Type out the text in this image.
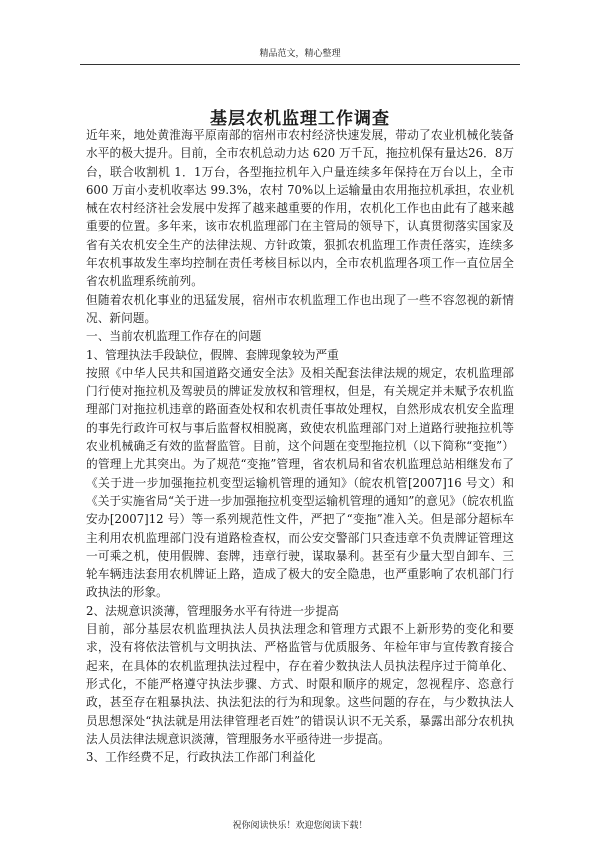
精品范文，精心整理
基层农机监理工作调查

近年来，地处黄淮海平原南部的宿州市农村经济快速发展，带动了农业机械化装备水平的极大提升。目前，全市农机总动力达 620 万千瓦，拖拉机保有量达26．8万台，联合收割机 1．1万台，各型拖拉机年入户量连续多年保持在万台以上，全市 600 万亩小麦机收率达 99.3%，农村 70%以上运输量由农用拖拉机承担，农业机械在农村经济社会发展中发挥了越来越重要的作用，农机化工作也由此有了越来越重要的位置。多年来，该市农机监理部门在主管局的领导下，认真贯彻落实国家及省有关农机安全生产的法律法规、方针政策，狠抓农机监理工作责任落实，连续多年农机事故发生率均控制在责任考核目标以内，全市农机监理各项工作一直位居全省农机监理系统前列。

但随着农机化事业的迅猛发展，宿州市农机监理工作也出现了一些不容忽视的新情况、新问题。

一、当前农机监理工作存在的问题

1、管理执法手段缺位，假牌、套牌现象较为严重

按照《中华人民共和国道路交通安全法》及相关配套法律法规的规定，农机监理部门行使对拖拉机及驾驶员的牌证发放权和管理权，但是，有关规定并未赋予农机监理部门对拖拉机违章的路面查处权和农机责任事故处理权，自然形成农机安全监理的事先行政许可权与事后监督权相脱离，致使农机监理部门对上道路行驶拖拉机等农业机械确乏有效的监督监管。目前，这个问题在变型拖拉机（以下简称“变拖”）的管理上尤其突出。为了规范“变拖”管理，省农机局和省农机监理总站相继发布了《关于进一步加强拖拉机变型运输机管理的通知》（皖农机管[2007]16 号文）和《关于实施省局“关于进一步加强拖拉机变型运输机管理的通知”的意见》（皖农机监安办[2007]12 号）等一系列规范性文件，严把了“变拖”准入关。但是部分超标车主利用农机监理部门没有道路检查权，而公安交警部门只查违章不负责牌证管理这一可乘之机，使用假牌、套牌，违章行驶，谋取暴利。甚至有少量大型自卸车、三轮车辆违法套用农机牌证上路，造成了极大的安全隐患，也严重影响了农机部门行政执法的形象。

2、法规意识淡薄，管理服务水平有待进一步提高

目前，部分基层农机监理执法人员执法理念和管理方式跟不上新形势的变化和要求，没有将依法管机与文明执法、严格监管与优质服务、年检年审与宣传教育接合起来，在具体的农机监理执法过程中，存在着少数执法人员执法程序过于简单化、形式化，不能严格遵守执法步骤、方式、时限和顺序的规定，忽视程序、恣意行政，甚至存在粗暴执法、执法犯法的行为和现象。这些问题的存在，与少数执法人员思想深处“执法就是用法律管理老百姓”的错误认识不无关系，暴露出部分农机执法人员法律法规意识淡薄，管理服务水平亟待进一步提高。

3、工作经费不足，行政执法工作部门利益化

祝你阅读快乐！欢迎您阅读下载！
